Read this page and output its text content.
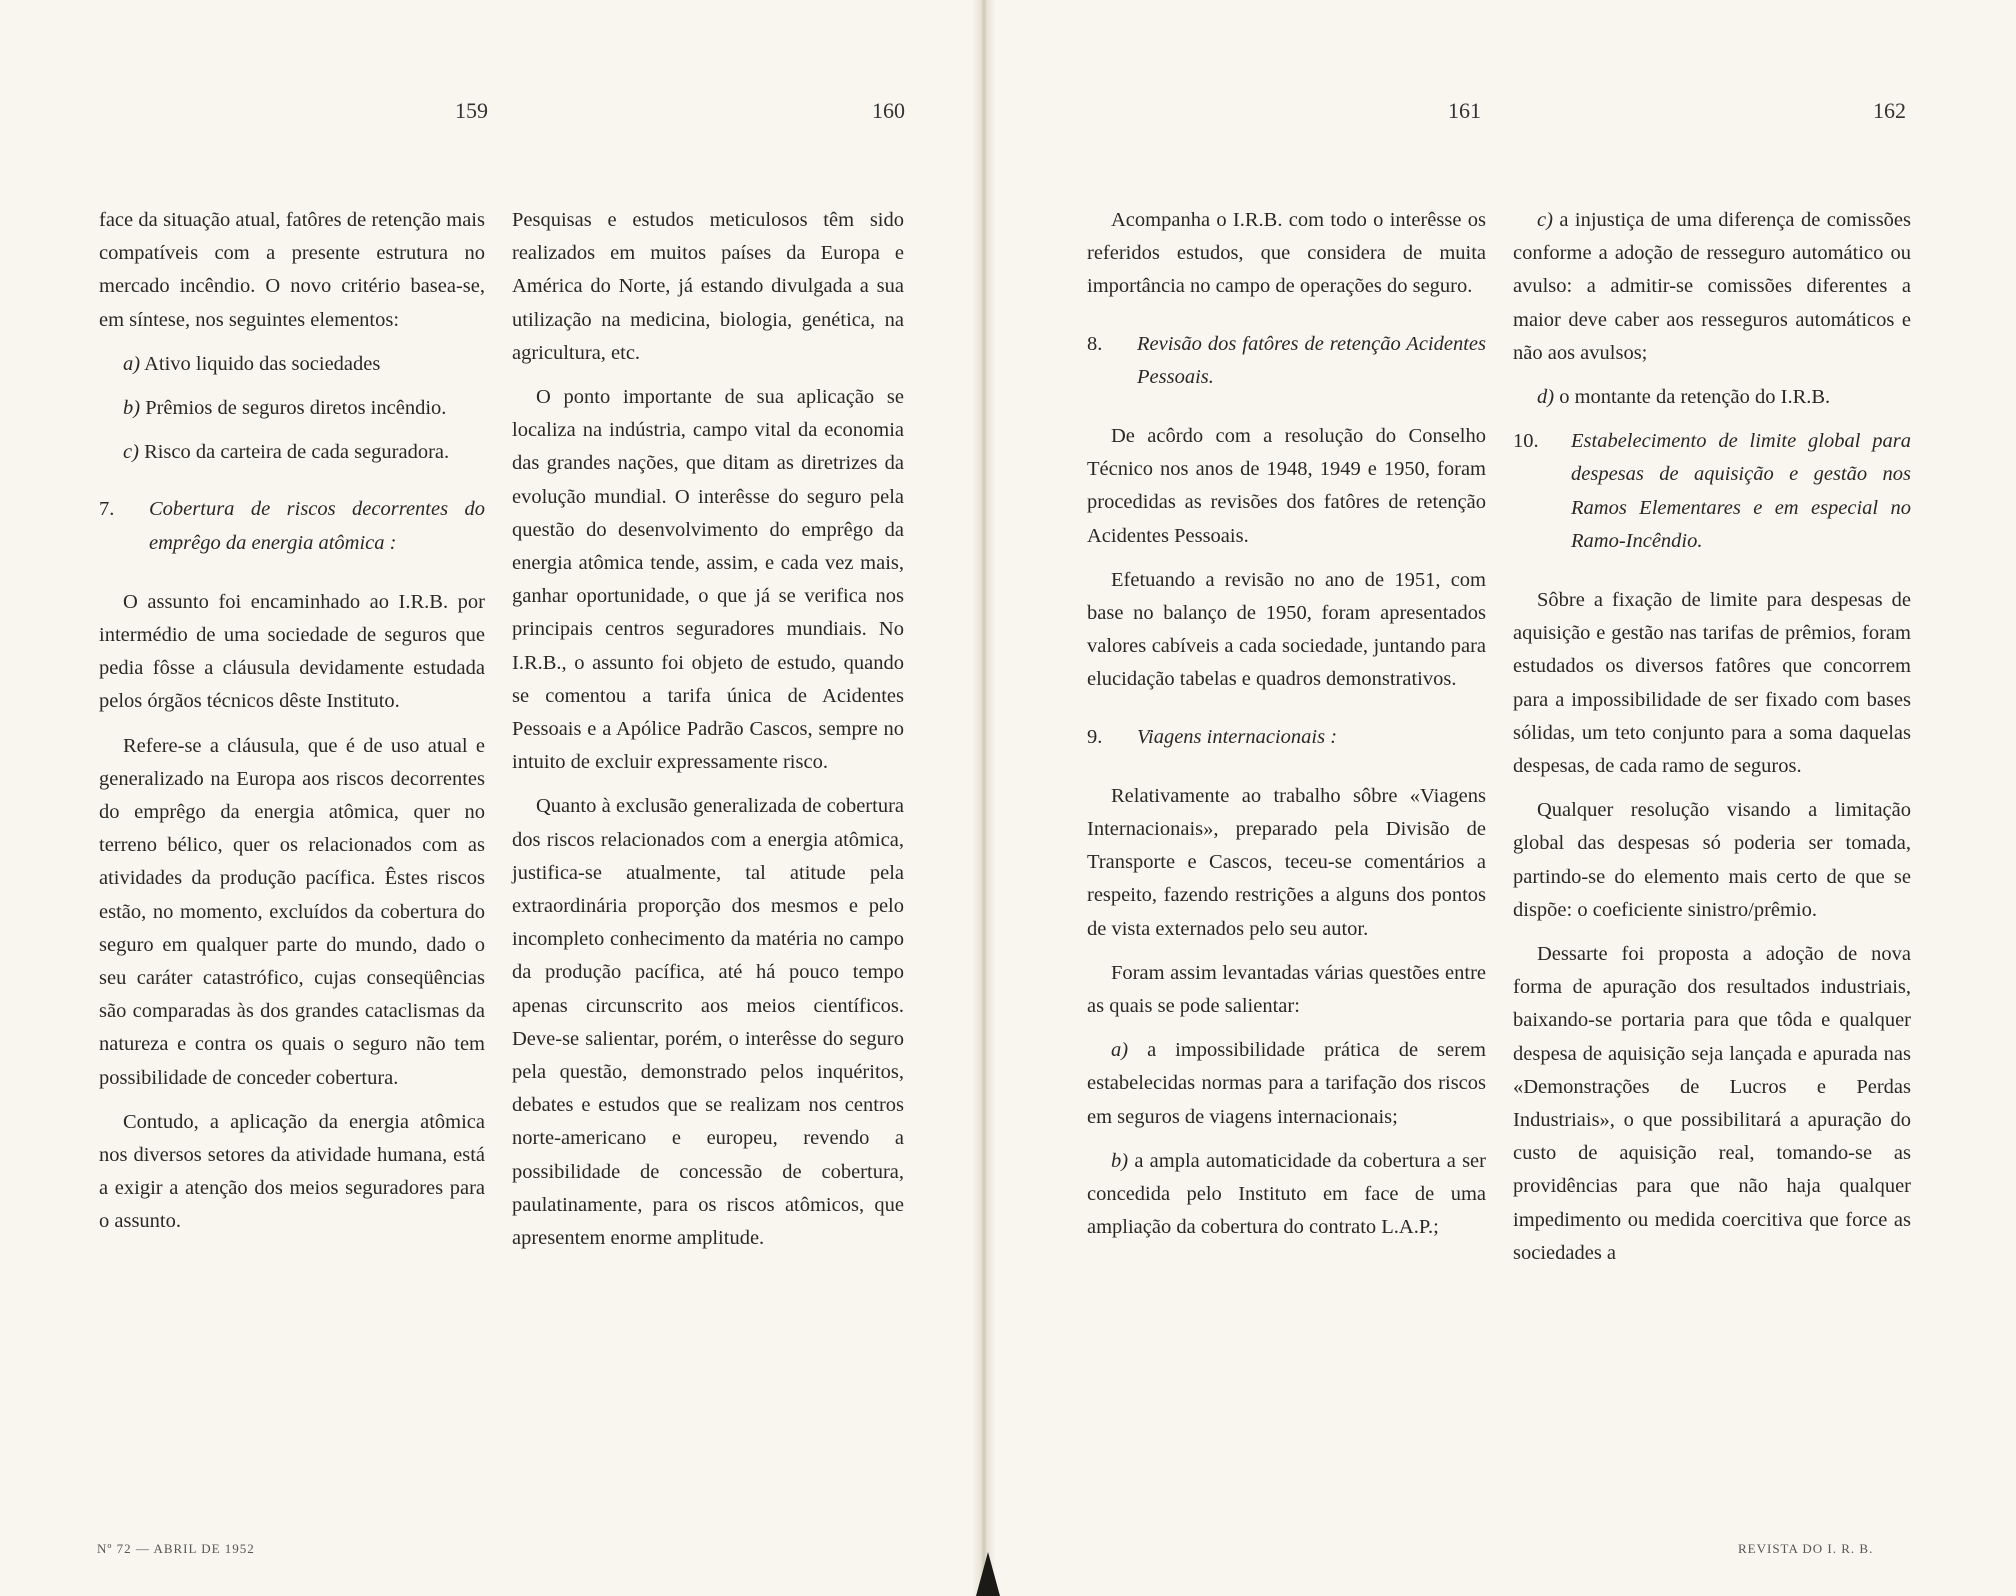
159	160	161	162

face da situação atual, fatôres de retenção mais compatíveis com a presente estrutura no mercado incêndio. O novo critério basea-se, em síntese, nos seguintes elementos:

a) Ativo liquido das sociedades

b) Prêmios de seguros diretos incêndio.

c) Risco da carteira de cada seguradora.

7. Cobertura de riscos decorrentes do emprêgo da energia atômica :

O assunto foi encaminhado ao I.R.B. por intermédio de uma sociedade de seguros que pedia fôsse a cláusula devidamente estudada pelos órgãos técnicos dêste Instituto.

Refere-se a cláusula, que é de uso atual e generalizado na Europa aos riscos decorrentes do emprêgo da energia atômica, quer no terreno bélico, quer os relacionados com as atividades da produção pacífica. Êstes riscos estão, no momento, excluídos da cobertura do seguro em qualquer parte do mundo, dado o seu caráter catastrófico, cujas conseqüências são comparadas às dos grandes cataclismas da natureza e contra os quais o seguro não tem possibilidade de conceder cobertura.

Contudo, a aplicação da energia atômica nos diversos setores da atividade humana, está a exigir a atenção dos meios seguradores para o assunto.

Pesquisas e estudos meticulosos têm sido realizados em muitos países da Europa e América do Norte, já estando divulgada a sua utilização na medicina, biologia, genética, na agricultura, etc.

O ponto importante de sua aplicação se localiza na indústria, campo vital da economia das grandes nações, que ditam as diretrizes da evolução mundial. O interêsse do seguro pela questão do desenvolvimento do emprêgo da energia atômica tende, assim, e cada vez mais, ganhar oportunidade, o que já se verifica nos principais centros seguradores mundiais. No I.R.B., o assunto foi objeto de estudo, quando se comentou a tarifa única de Acidentes Pessoais e a Apólice Padrão Cascos, sempre no intuito de excluir expressamente risco.

Quanto à exclusão generalizada de cobertura dos riscos relacionados com a energia atômica, justifica-se atualmente, tal atitude pela extraordinária proporção dos mesmos e pelo incompleto conhecimento da matéria no campo da produção pacífica, até há pouco tempo apenas circunscrito aos meios científicos. Deve-se salientar, porém, o interêsse do seguro pela questão, demonstrado pelos inquéritos, debates e estudos que se realizam nos centros norte-americano e europeu, revendo a possibilidade de concessão de cobertura, paulatinamente, para os riscos atômicos, que apresentem enorme amplitude.

Acompanha o I.R.B. com todo o interêsse os referidos estudos, que considera de muita importância no campo de operações do seguro.

8. Revisão dos fatôres de retenção Acidentes Pessoais.

De acôrdo com a resolução do Conselho Técnico nos anos de 1948, 1949 e 1950, foram procedidas as revisões dos fatôres de retenção Acidentes Pessoais.

Efetuando a revisão no ano de 1951, com base no balanço de 1950, foram apresentados valores cabíveis a cada sociedade, juntando para elucidação tabelas e quadros demonstrativos.

9. Viagens internacionais :

Relativamente ao trabalho sôbre «Viagens Internacionais», preparado pela Divisão de Transporte e Cascos, teceu-se comentários a respeito, fazendo restrições a alguns dos pontos de vista externados pelo seu autor.

Foram assim levantadas várias questões entre as quais se pode salientar:

a) a impossibilidade prática de serem estabelecidas normas para a tarifação dos riscos em seguros de viagens internacionais;

b) a ampla automaticidade da cobertura a ser concedida pelo Instituto em face de uma ampliação da cobertura do contrato L.A.P.;

c) a injustiça de uma diferença de comissões conforme a adoção de resseguro automático ou avulso: a admitir-se comissões diferentes a maior deve caber aos resseguros automáticos e não aos avulsos;

d) o montante da retenção do I.R.B.

10. Estabelecimento de limite global para despesas de aquisição e gestão nos Ramos Elementares e em especial no Ramo-Incêndio.

Sôbre a fixação de limite para despesas de aquisição e gestão nas tarifas de prêmios, foram estudados os diversos fatôres que concorrem para a impossibilidade de ser fixado com bases sólidas, um teto conjunto para a soma daquelas despesas, de cada ramo de seguros.

Qualquer resolução visando a limitação global das despesas só poderia ser tomada, partindo-se do elemento mais certo de que se dispõe: o coeficiente sinistro/prêmio.

Dessarte foi proposta a adoção de nova forma de apuração dos resultados industriais, baixando-se portaria para que tôda e qualquer despesa de aquisição seja lançada e apurada nas «Demonstrações de Lucros e Perdas Industriais», o que possibilitará a apuração do custo de aquisição real, tomando-se as providências para que não haja qualquer impedimento ou medida coercitiva que force as sociedades a

Nº 72 — ABRIL DE 1952	REVISTA DO I. R. B.
